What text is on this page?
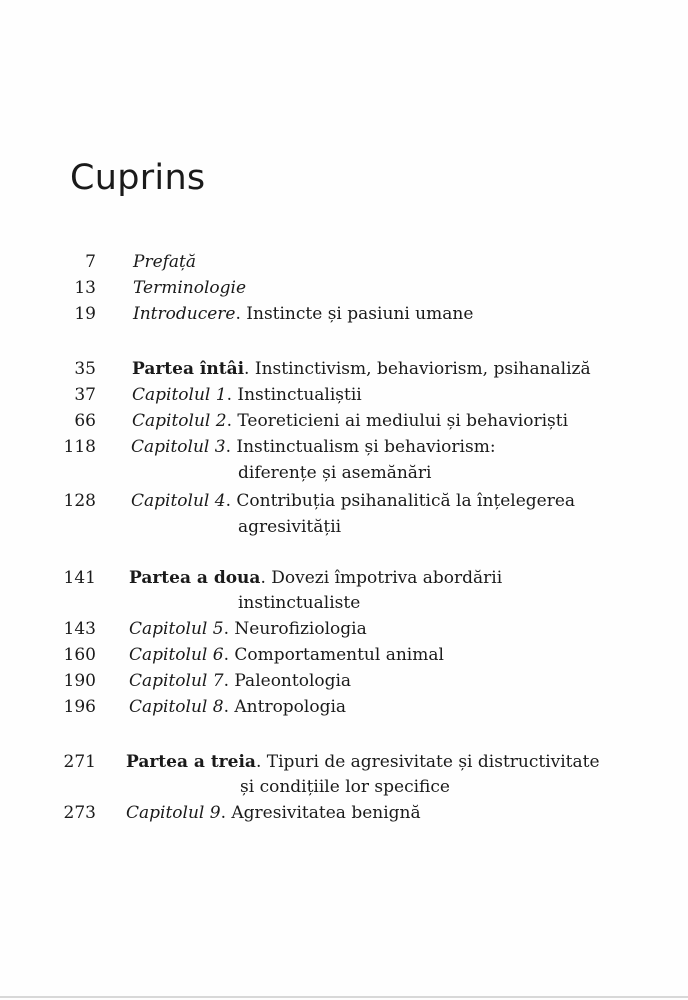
Cuprins
7 Prefață
13 Terminologie
19 Introducere. Instincte și pasiuni umane
35 Partea întâi. Instinctivism, behaviorism, psihanaliză
37 Capitolul 1. Instinctualiștii
66 Capitolul 2. Teoreticieni ai mediului și behavioriști
118 Capitolul 3. Instinctualism și behaviorism:
diferențe și asemănări
128 Capitolul 4. Contribuția psihanalitică la înțelegerea
agresivității
141 Partea a doua. Dovezi împotriva abordării
instinctualiste
143 Capitolul 5. Neurofiziologia
160 Capitolul 6. Comportamentul animal
190 Capitolul 7. Paleontologia
196 Capitolul 8. Antropologia
271 Partea a treia. Tipuri de agresivitate și distructivitate
și condițiile lor specifice
273 Capitolul 9. Agresivitatea benignă
